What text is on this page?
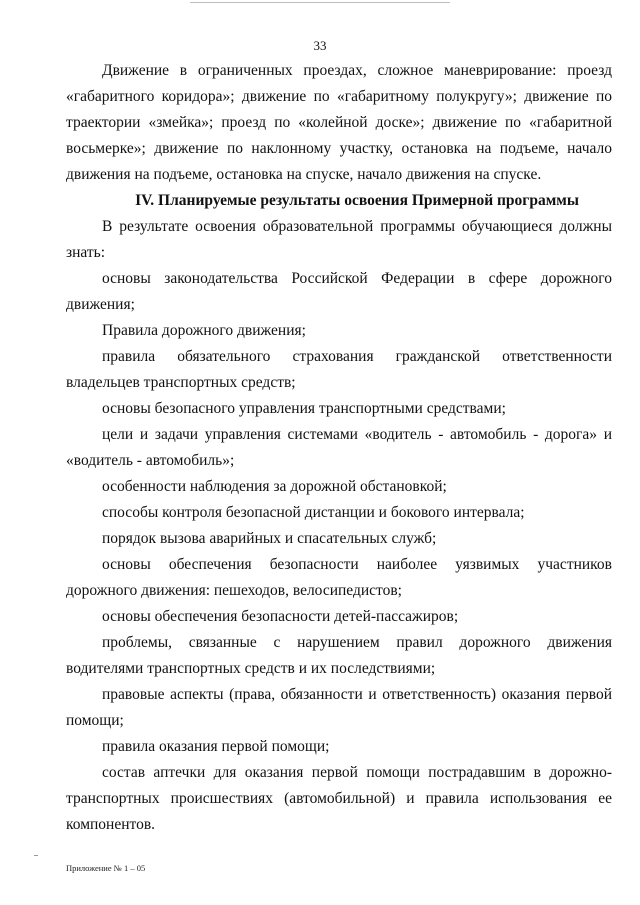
33

Движение в ограниченных проездах, сложное маневрирование: проезд «габаритного коридора»; движение по «габаритному полукругу»; движение по траектории «змейка»; проезд по «колейной доске»; движение по «габаритной восьмерке»; движение по наклонному участку, остановка на подъеме, начало движения на подъеме, остановка на спуске, начало движения на спуске.

IV. Планируемые результаты освоения Примерной программы

В результате освоения образовательной программы обучающиеся должны знать:

основы законодательства Российской Федерации в сфере дорожного движения;

Правила дорожного движения;

правила обязательного страхования гражданской ответственности владельцев транспортных средств;

основы безопасного управления транспортными средствами;

цели и задачи управления системами «водитель - автомобиль - дорога» и «водитель - автомобиль»;

особенности наблюдения за дорожной обстановкой;

способы контроля безопасной дистанции и бокового интервала;

порядок вызова аварийных и спасательных служб;

основы обеспечения безопасности наиболее уязвимых участников дорожного движения: пешеходов, велосипедистов;

основы обеспечения безопасности детей-пассажиров;

проблемы, связанные с нарушением правил дорожного движения водителями транспортных средств и их последствиями;

правовые аспекты (права, обязанности и ответственность) оказания первой помощи;

правила оказания первой помощи;

состав аптечки для оказания первой помощи пострадавшим в дорожно-транспортных происшествиях (автомобильной) и правила использования ее компонентов.

Приложение № 1 – 05
